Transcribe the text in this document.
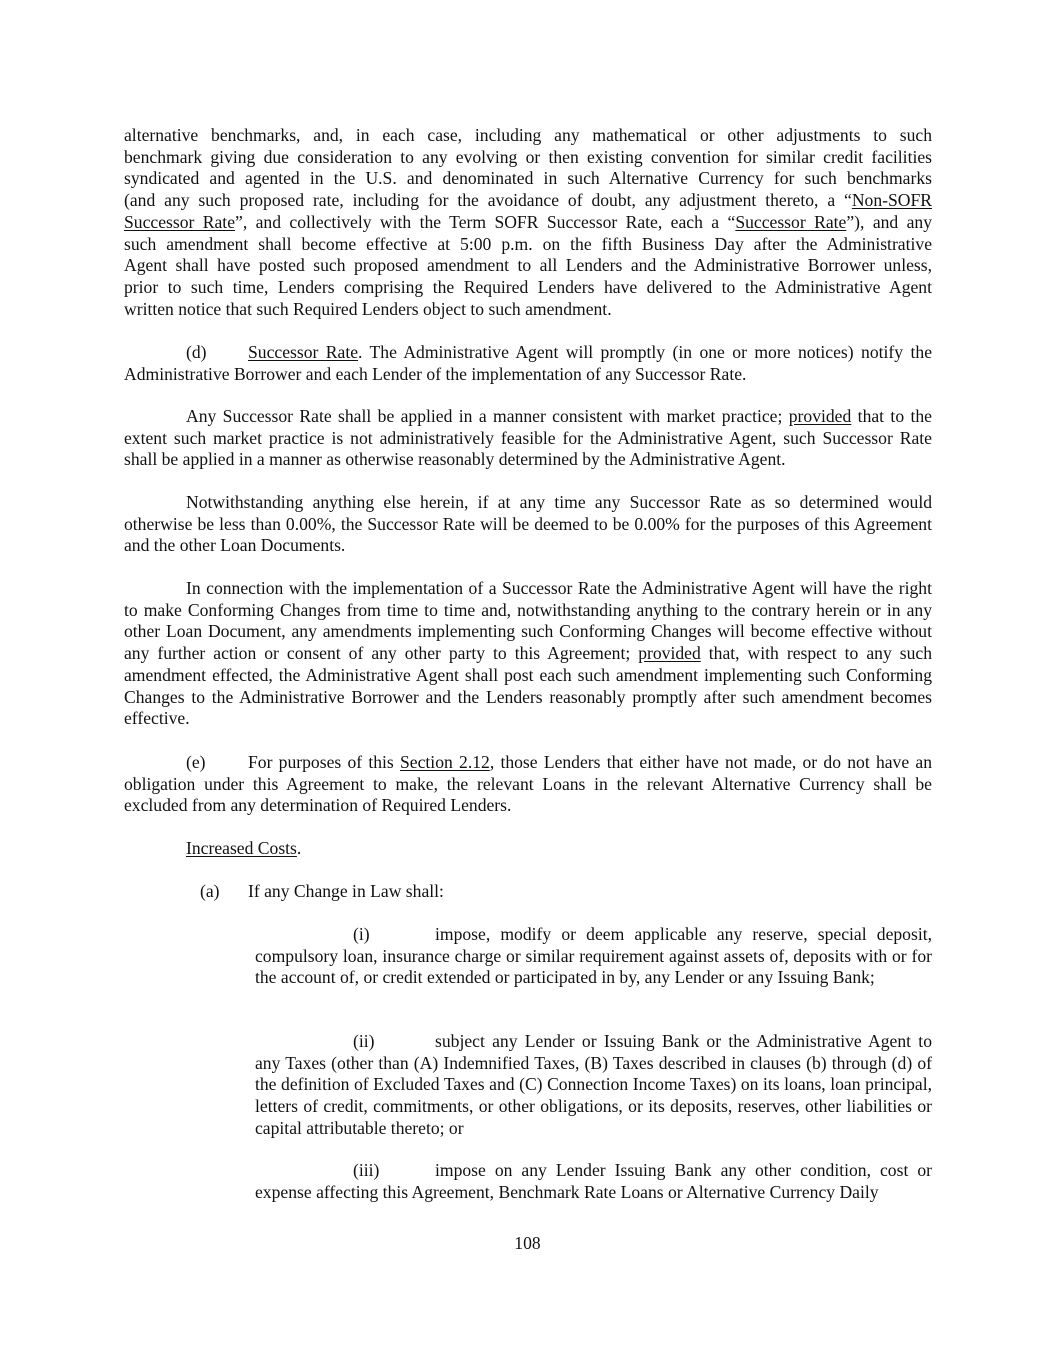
alternative benchmarks, and, in each case, including any mathematical or other adjustments to such
benchmark giving due consideration to any evolving or then existing convention for similar credit facilities
syndicated and agented in the U.S. and denominated in such Alternative Currency for such benchmarks
(and any such proposed rate, including for the avoidance of doubt, any adjustment thereto, a “Non-SOFR
Successor Rate”, and collectively with the Term SOFR Successor Rate, each a “Successor Rate”), and any
such amendment shall become effective at 5:00 p.m. on the fifth Business Day after the Administrative
Agent shall have posted such proposed amendment to all Lenders and the Administrative Borrower unless,
prior to such time, Lenders comprising the Required Lenders have delivered to the Administrative Agent
written notice that such Required Lenders object to such amendment.

(d) Successor Rate. The Administrative Agent will promptly (in one or more notices) notify the Administrative Borrower and each Lender of the implementation of any Successor Rate.

Any Successor Rate shall be applied in a manner consistent with market practice; provided that to the extent such market practice is not administratively feasible for the Administrative Agent, such Successor Rate shall be applied in a manner as otherwise reasonably determined by the Administrative Agent.

Notwithstanding anything else herein, if at any time any Successor Rate as so determined would otherwise be less than 0.00%, the Successor Rate will be deemed to be 0.00% for the purposes of this Agreement and the other Loan Documents.

In connection with the implementation of a Successor Rate the Administrative Agent will have the right to make Conforming Changes from time to time and, notwithstanding anything to the contrary herein or in any other Loan Document, any amendments implementing such Conforming Changes will become effective without any further action or consent of any other party to this Agreement; provided that, with respect to any such amendment effected, the Administrative Agent shall post each such amendment implementing such Conforming Changes to the Administrative Borrower and the Lenders reasonably promptly after such amendment becomes effective.

(e) For purposes of this Section 2.12, those Lenders that either have not made, or do not have an obligation under this Agreement to make, the relevant Loans in the relevant Alternative Currency shall be excluded from any determination of Required Lenders.

Increased Costs.

(a) If any Change in Law shall:

(i)	impose, modify or deem applicable any reserve, special deposit, compulsory loan, insurance charge or similar requirement against assets of, deposits with or for the account of, or credit extended or participated in by, any Lender or any Issuing Bank;

(ii)	subject any Lender or Issuing Bank or the Administrative Agent to any Taxes (other than (A) Indemnified Taxes, (B) Taxes described in clauses (b) through (d) of the definition of Excluded Taxes and (C) Connection Income Taxes) on its loans, loan principal, letters of credit, commitments, or other obligations, or its deposits, reserves, other liabilities or capital attributable thereto; or

(iii)	impose on any Lender Issuing Bank any other condition, cost or expense affecting this Agreement, Benchmark Rate Loans or Alternative Currency Daily

108
